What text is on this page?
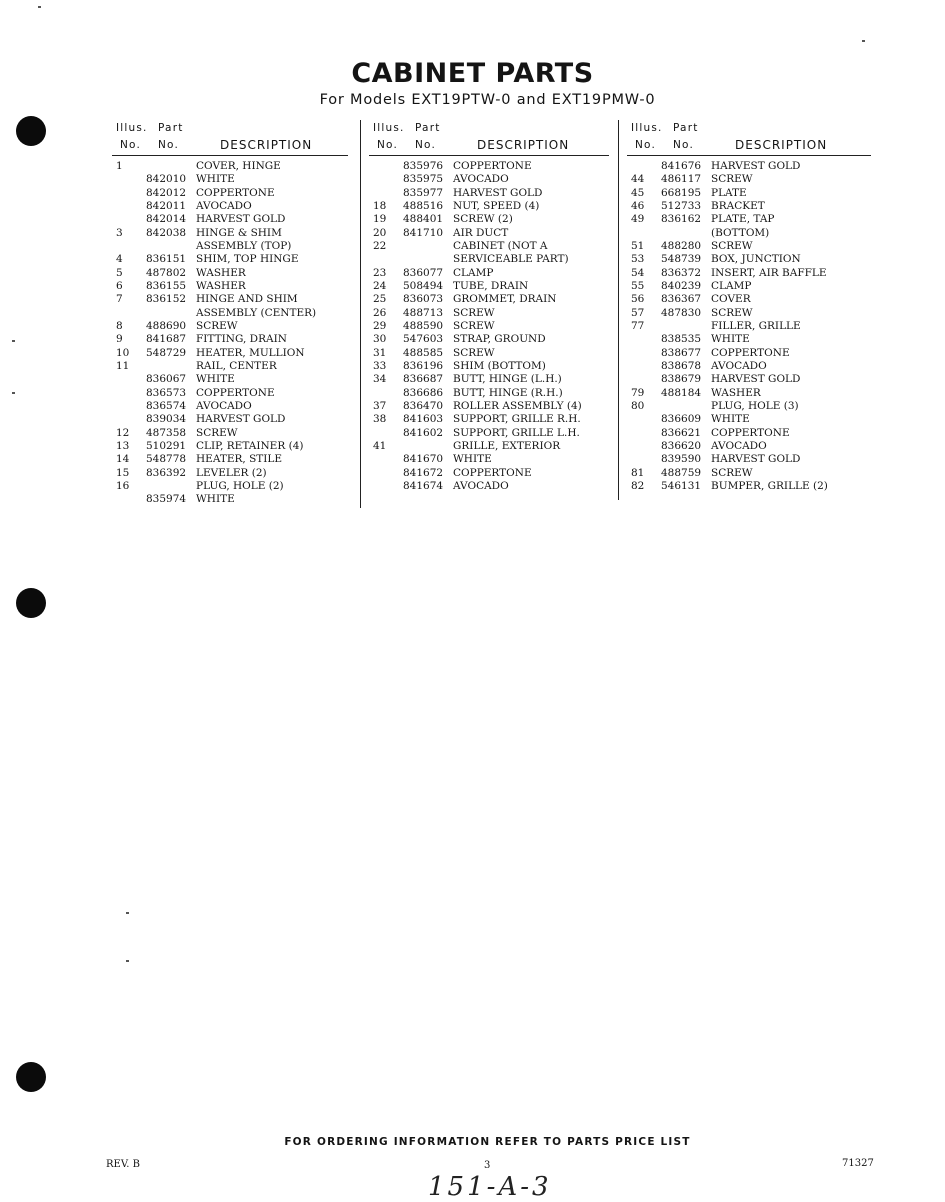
CABINET PARTS
For Models EXT19PTW-0 and EXT19PMW-0
Illus. Part
No. No.	DESCRIPTION
1	COVER, HINGE
842010 WHITE
842012 COPPERTONE
842011 AVOCADO
842014 HARVEST GOLD
3 842038 HINGE & SHIM
ASSEMBLY (TOP)
4 836151 SHIM, TOP HINGE
5 487802 WASHER
6 836155 WASHER
7 836152 HINGE AND SHIM
ASSEMBLY (CENTER)
8 488690 SCREW
9 841687 FITTING, DRAIN
10 548729 HEATER, MULLION
11	RAIL, CENTER
836067 WHITE
836573 COPPERTONE
836574 AVOCADO
839034 HARVEST GOLD
12 487358 SCREW
13 510291 CLIP, RETAINER (4)
14 548778 HEATER, STILE
15 836392 LEVELER (2)
16	PLUG, HOLE (2)
835974 WHITE
Illus. Part
No. No.	DESCRIPTION
835976 COPPERTONE
835975 AVOCADO
835977 HARVEST GOLD
18 488516 NUT, SPEED (4)
19 488401 SCREW (2)
20 841710 AIR DUCT
22	CABINET (NOT A
SERVICEABLE PART)
23 836077 CLAMP
24 508494 TUBE, DRAIN
25 836073 GROMMET, DRAIN
26 488713 SCREW
29 488590 SCREW
30 547603 STRAP, GROUND
31 488585 SCREW
33 836196 SHIM (BOTTOM)
34 836687 BUTT, HINGE (L.H.)
836686 BUTT, HINGE (R.H.)
37 836470 ROLLER ASSEMBLY (4)
38 841603 SUPPORT, GRILLE R.H.
841602 SUPPORT, GRILLE L.H.
41	GRILLE, EXTERIOR
841670 WHITE
841672 COPPERTONE
841674 AVOCADO
Illus. Part
No. No.	DESCRIPTION
841676 HARVEST GOLD
44 486117 SCREW
45 668195 PLATE
46 512733 BRACKET
49 836162 PLATE, TAP
(BOTTOM)
51 488280 SCREW
53 548739 BOX, JUNCTION
54 836372 INSERT, AIR BAFFLE
55 840239 CLAMP
56 836367 COVER
57 487830 SCREW
77	FILLER, GRILLE
838535 WHITE
838677 COPPERTONE
838678 AVOCADO
838679 HARVEST GOLD
79 488184 WASHER
80	PLUG, HOLE (3)
836609 WHITE
836621 COPPERTONE
836620 AVOCADO
839590 HARVEST GOLD
81 488759 SCREW
82 546131 BUMPER, GRILLE (2)
FOR ORDERING INFORMATION REFER TO PARTS PRICE LIST
REV. B	3	71327
151-A-3
